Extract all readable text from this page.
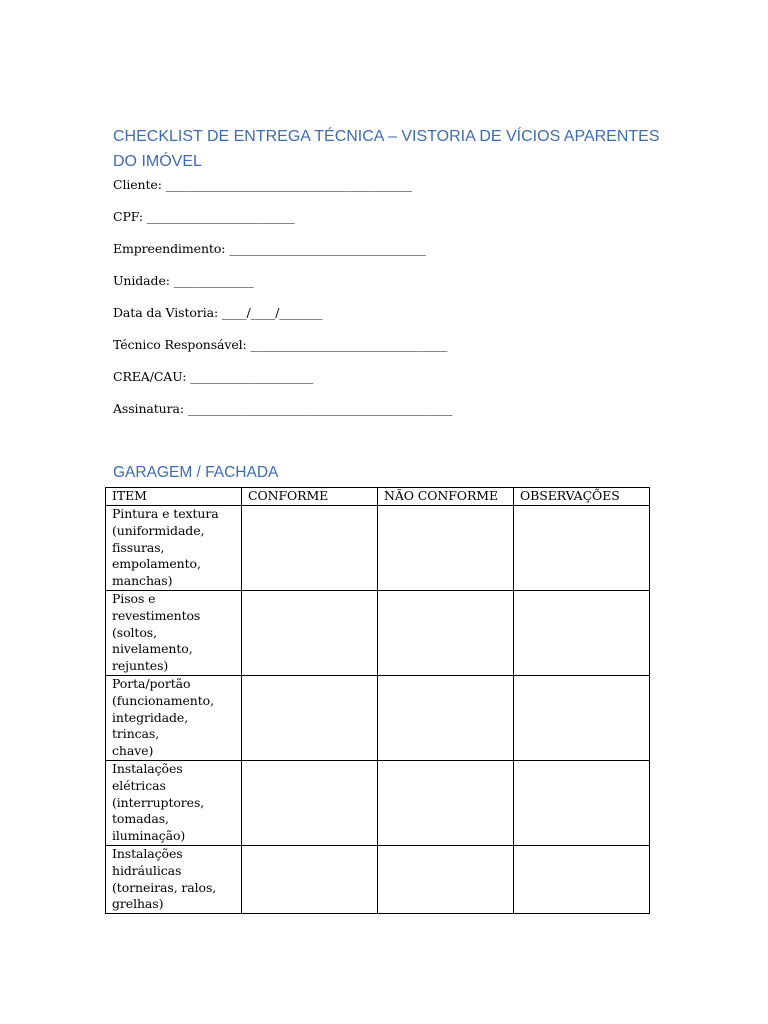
CHECKLIST DE ENTREGA TÉCNICA – VISTORIA DE VÍCIOS APARENTES DO IMÓVEL
Cliente: ________________________________________
CPF: ________________________
Empreendimento: ________________________________
Unidade: _____________
Data da Vistoria: ____/____/_______
Técnico Responsável: ________________________________
CREA/CAU: ____________________
Assinatura: ___________________________________________
GARAGEM / FACHADA
ITEM	CONFORME	NÃO CONFORME	OBSERVAÇÕES

Pintura e textura
(uniformidade,
fissuras,
empolamento,
manchas)			

Pisos e
revestimentos
(soltos,
nivelamento,
rejuntes)			

Porta/portão
(funcionamento,
integridade, trincas,
chave)			

Instalações elétricas
(interruptores,
tomadas,
iluminação)			

Instalações
hidráulicas
(torneiras, ralos,
grelhas)			
